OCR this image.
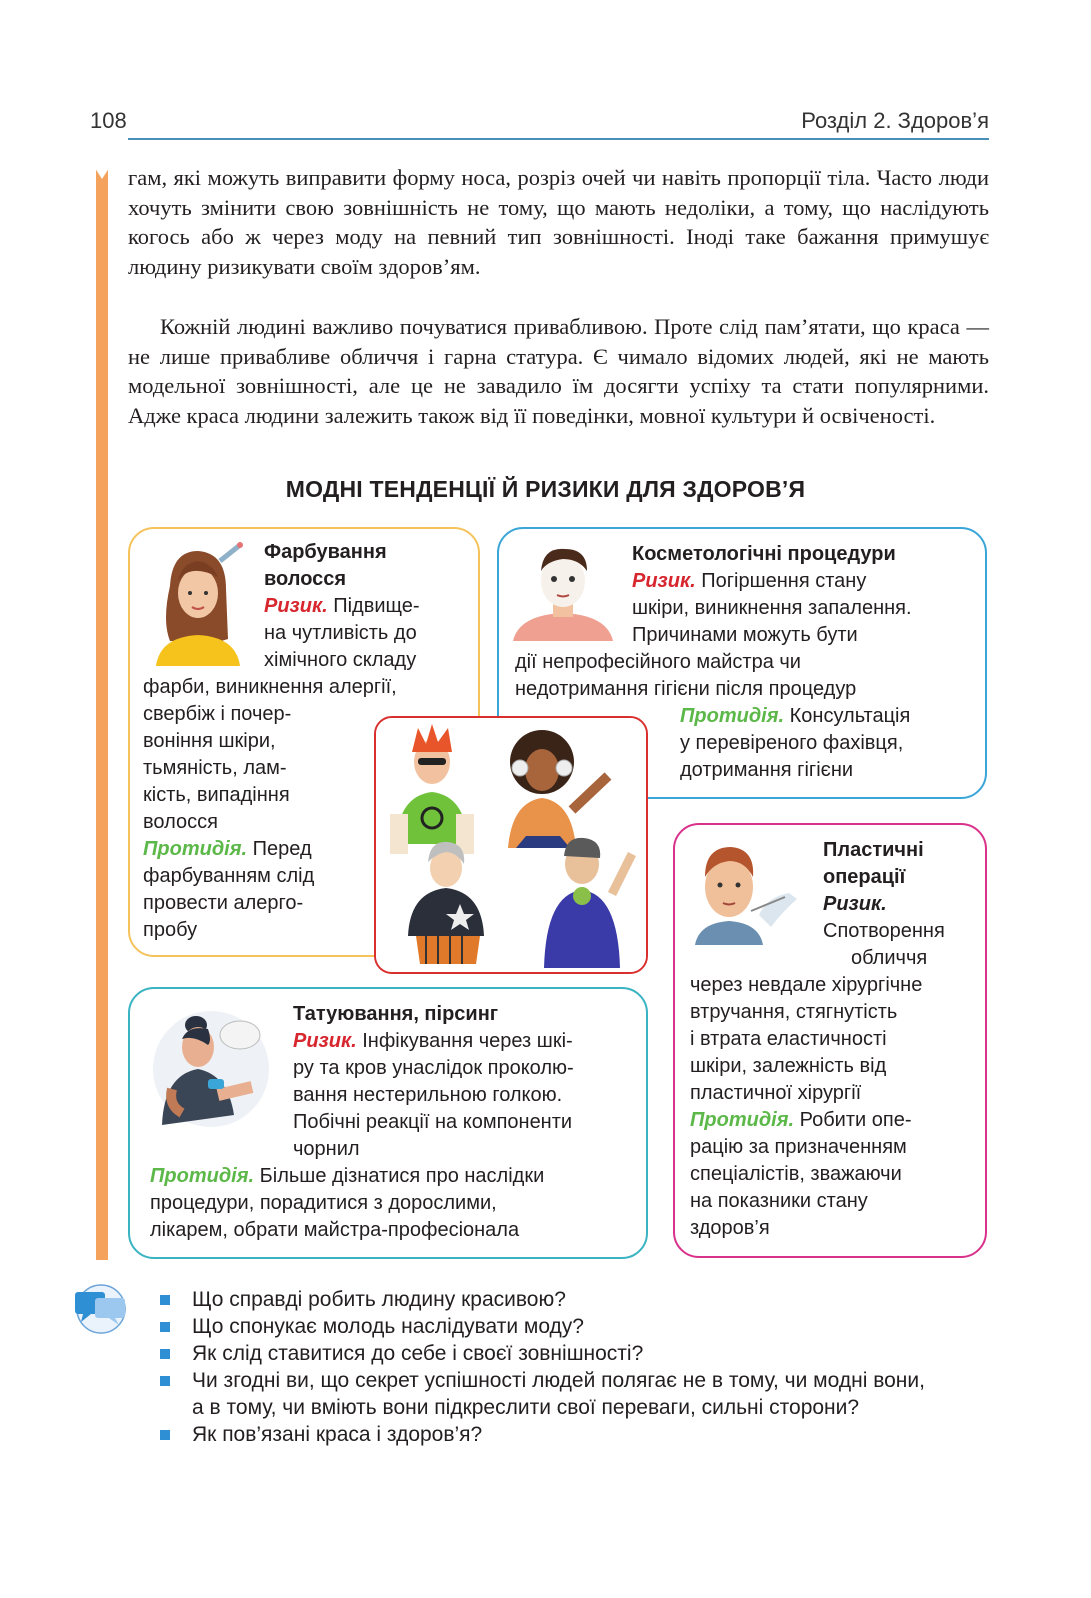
108	Розділ 2. Здоров’я
гам, які можуть виправити форму носа, розріз очей чи навіть пропорції тіла. Часто люди хочуть змінити свою зовнішність не тому, що мають недоліки, а тому, що наслідують когось або ж через моду на певний тип зовнішності. Іноді таке бажання примушує людину ризикувати своїм здоров’ям.
Кожній людині важливо почуватися привабливою. Проте слід пам’ятати, що краса — не лише привабливе обличчя і гарна статура. Є чимало відомих людей, які не мають модельної зовнішності, але це не завадило їм досягти успіху та стати популярними. Адже краса людини залежить також від її поведінки, мовної культури й освіченості.
МОДНІ ТЕНДЕНЦІЇ Й РИЗИКИ ДЛЯ ЗДОРОВ’Я
Фарбування
волосся
Ризик. Підвище-
на чутливість до
хімічного складу
фарби, виникнення алергії,
свербіж і почер-
воніння шкіри,
тьмяність, лам-
кість, випадіння
волосся
Протидія. Перед
фарбуванням слід
провести алерго-
пробу
Косметологічні процедури
Ризик. Погіршення стану
шкіри, виникнення запалення.
Причинами можуть бути
дії непрофесійного майстра чи
недотримання гігієни після процедур
Протидія. Консультація
у перевіреного фахівця,
дотримання гігієни
Пластичні
операції
Ризик.
Спотворення
обличчя
через невдале хірургічне
втручання, стягнутість
і втрата еластичності
шкіри, залежність від
пластичної хірургії
Протидія. Робити опе-
рацію за призначенням
спеціалістів, зважаючи
на показники стану
здоров’я
Татуювання, пірсинг
Ризик. Інфікування через шкі-
ру та кров унаслідок проколю-
вання нестерильною голкою.
Побічні реакції на компоненти
чорнил
Протидія. Більше дізнатися про наслідки
процедури, порадитися з дорослими,
лікарем, обрати майстра-професіонала
Що справді робить людину красивою?
Що спонукає молодь наслідувати моду?
Як слід ставитися до себе і своєї зовнішності?
Чи згодні ви, що секрет успішності людей полягає не в тому, чи модні вони,
а в тому, чи вміють вони підкреслити свої переваги, сильні сторони?
Як пов’язані краса і здоров’я?
